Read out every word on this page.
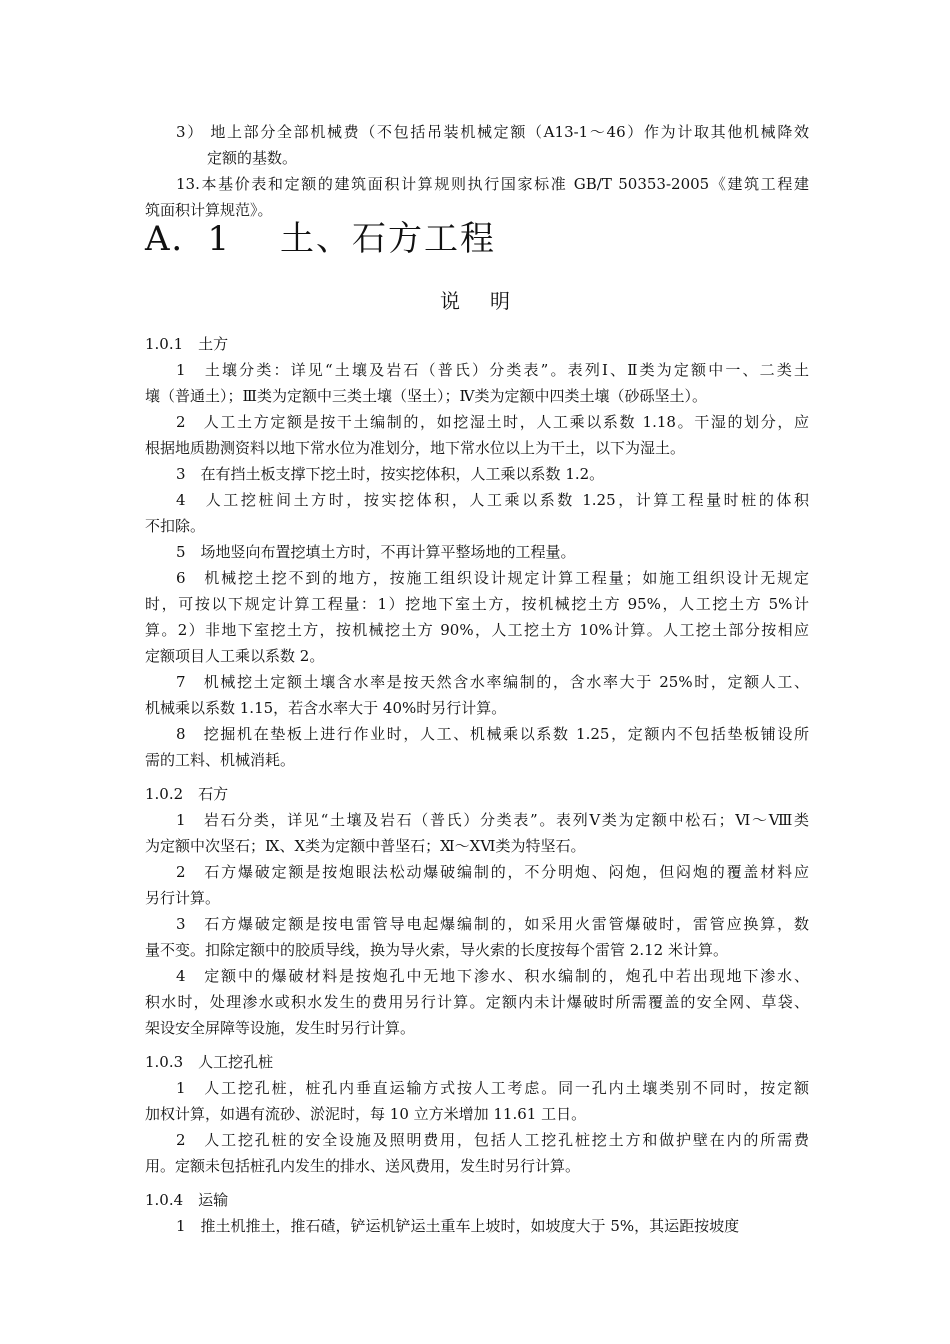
3） 地上部分全部机械费（不包括吊装机械定额（A13-1～46）作为计取其他机械降效
定额的基数。
13.本基价表和定额的建筑面积计算规则执行国家标准 GB/T 50353-2005《建筑工程建
筑面积计算规范》。
A．1　 土、石方工程
说明
1.0.1　土方
1　土壤分类：详见“土壤及岩石（普氏）分类表”。表列Ⅰ、Ⅱ类为定额中一、二类土
壤（普通土）；Ⅲ类为定额中三类土壤（坚土）；Ⅳ类为定额中四类土壤（砂砾坚土）。
2　人工土方定额是按干土编制的，如挖湿土时，人工乘以系数 1.18。干湿的划分，应
根据地质勘测资料以地下常水位为准划分，地下常水位以上为干土，以下为湿土。
3　在有挡土板支撑下挖土时，按实挖体积，人工乘以系数 1.2。
4　人工挖桩间土方时，按实挖体积，人工乘以系数 1.25，计算工程量时桩的体积
不扣除。
5　场地竖向布置挖填土方时，不再计算平整场地的工程量。
6　机械挖土挖不到的地方，按施工组织设计规定计算工程量；如施工组织设计无规定
时，可按以下规定计算工程量：1）挖地下室土方，按机械挖土方 95%，人工挖土方 5%计
算。2）非地下室挖土方，按机械挖土方 90%，人工挖土方 10%计算。人工挖土部分按相应
定额项目人工乘以系数 2。
7　机械挖土定额土壤含水率是按天然含水率编制的，含水率大于 25%时，定额人工、
机械乘以系数 1.15，若含水率大于 40%时另行计算。
8　挖掘机在垫板上进行作业时，人工、机械乘以系数 1.25，定额内不包括垫板铺设所
需的工料、机械消耗。
1.0.2　石方
1　岩石分类，详见“土壤及岩石（普氏）分类表”。表列Ⅴ类为定额中松石；Ⅵ～Ⅷ类
为定额中次坚石；Ⅸ、Ⅹ类为定额中普坚石；Ⅺ～ⅩⅥ类为特坚石。
2　石方爆破定额是按炮眼法松动爆破编制的，不分明炮、闷炮，但闷炮的覆盖材料应
另行计算。
3　石方爆破定额是按电雷管导电起爆编制的，如采用火雷管爆破时，雷管应换算，数
量不变。扣除定额中的胶质导线，换为导火索，导火索的长度按每个雷管 2.12 米计算。
4　定额中的爆破材料是按炮孔中无地下渗水、积水编制的，炮孔中若出现地下渗水、
积水时，处理渗水或积水发生的费用另行计算。定额内未计爆破时所需覆盖的安全网、草袋、
架设安全屏障等设施，发生时另行计算。
1.0.3　人工挖孔桩
1　人工挖孔桩，桩孔内垂直运输方式按人工考虑。同一孔内土壤类别不同时，按定额
加权计算，如遇有流砂、淤泥时，每 10 立方米增加 11.61 工日。
2　人工挖孔桩的安全设施及照明费用，包括人工挖孔桩挖土方和做护壁在内的所需费
用。定额未包括桩孔内发生的排水、送风费用，发生时另行计算。
1.0.4　运输
1　推土机推土，推石碴，铲运机铲运土重车上坡时，如坡度大于 5%，其运距按坡度
